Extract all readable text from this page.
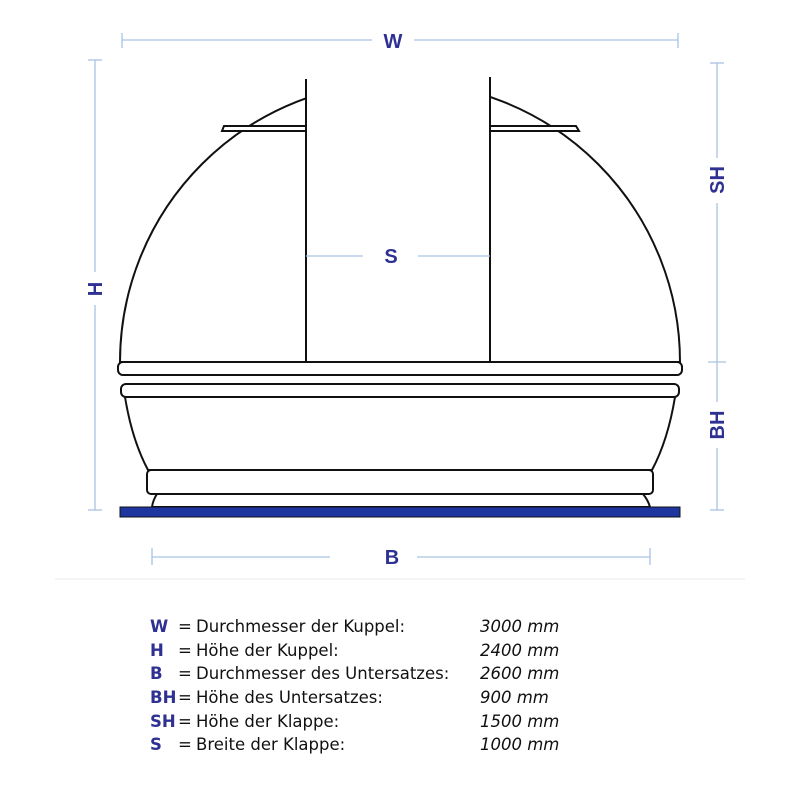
W
H
SH
BH
S
B
W = Durchmesser der Kuppel:	3000 mm
H = Höhe der Kuppel:	2400 mm
B = Durchmesser des Untersatzes:	2600 mm
BH = Höhe des Untersatzes:	900 mm
SH = Höhe der Klappe:	1500 mm
S = Breite der Klappe:	1000 mm
